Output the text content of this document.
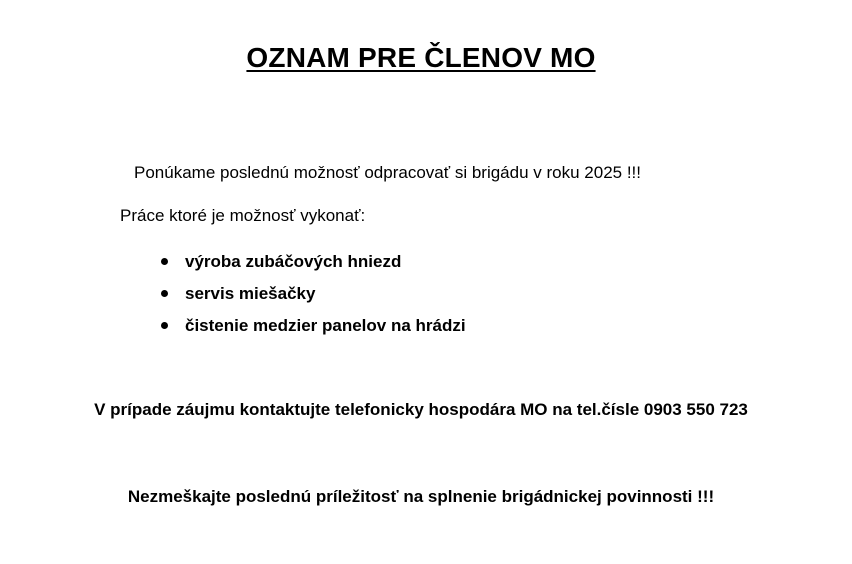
OZNAM PRE ČLENOV MO

Ponúkame poslednú možnosť odpracovať si brigádu v roku 2025 !!!

Práce ktoré je možnosť vykonať:

výroba zubáčových hniezd
servis miešačky
čistenie medzier panelov na hrádzi

V prípade záujmu kontaktujte telefonicky hospodára MO na tel.čísle 0903 550 723

Nezmeškajte poslednú príležitosť na splnenie brigádnickej povinnosti !!!
